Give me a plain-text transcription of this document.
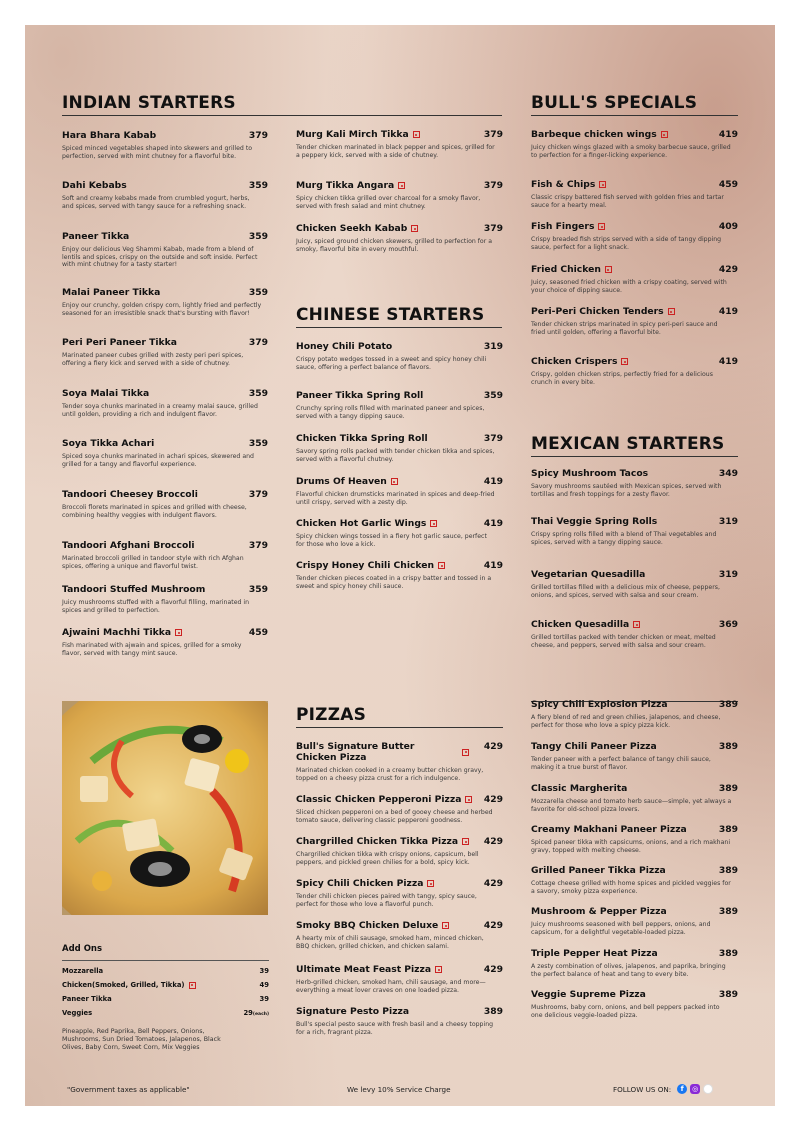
INDIAN STARTERS
Hara Bhara Kabab	379
Spiced minced vegetables shaped into skewers and grilled to perfection, served with mint chutney for a flavorful bite.
Dahi Kebabs	359
Soft and creamy kebabs made from crumbled yogurt, herbs, and spices, served with tangy sauce for a refreshing snack.
Paneer Tikka	359
Enjoy our delicious Veg Shammi Kabab, made from a blend of lentils and spices, crispy on the outside and soft inside. Perfect with mint chutney for a tasty starter!
Malai Paneer Tikka	359
Enjoy our crunchy, golden crispy corn, lightly fried and perfectly seasoned for an irresistible snack that's bursting with flavor!
Peri Peri Paneer Tikka	379
Marinated paneer cubes grilled with zesty peri peri spices, offering a fiery kick and served with a side of chutney.
Soya Malai Tikka	359
Tender soya chunks marinated in a creamy malai sauce, grilled until golden, providing a rich and indulgent flavor.
Soya Tikka Achari	359
Spiced soya chunks marinated in achari spices, skewered and grilled for a tangy and flavorful experience.
Tandoori Cheesey Broccoli	379
Broccoli florets marinated in spices and grilled with cheese, combining healthy veggies with indulgent flavors.
Tandoori Afghani Broccoli	379
Marinated broccoli grilled in tandoor style with rich Afghan spices, offering a unique and flavorful twist.
Tandoori Stuffed Mushroom	359
Juicy mushrooms stuffed with a flavorful filling, marinated in spices and grilled to perfection.
Ajwaini Machhi Tikka	459
Fish marinated with ajwain and spices, grilled for a smoky flavor, served with tangy mint sauce.
Murg Kali Mirch Tikka	379
Tender chicken marinated in black pepper and spices, grilled for a peppery kick, served with a side of chutney.
Murg Tikka Angara	379
Spicy chicken tikka grilled over charcoal for a smoky flavor, served with fresh salad and mint chutney.
Chicken Seekh Kabab	379
Juicy, spiced ground chicken skewers, grilled to perfection for a smoky, flavorful bite in every mouthful.
CHINESE STARTERS
Honey Chili Potato	319
Crispy potato wedges tossed in a sweet and spicy honey chili sauce, offering a perfect balance of flavors.
Paneer Tikka Spring Roll	359
Crunchy spring rolls filled with marinated paneer and spices, served with a tangy dipping sauce.
Chicken Tikka Spring Roll	379
Savory spring rolls packed with tender chicken tikka and spices, served with a flavorful chutney.
Drums Of Heaven	419
Flavorful chicken drumsticks marinated in spices and deep-fried until crispy, served with a zesty dip.
Chicken Hot Garlic Wings	419
Spicy chicken wings tossed in a fiery hot garlic sauce, perfect for those who love a kick.
Crispy Honey Chili Chicken	419
Tender chicken pieces coated in a crispy batter and tossed in a sweet and spicy honey chili sauce.
BULL'S SPECIALS
Barbeque chicken wings	419
Juicy chicken wings glazed with a smoky barbecue sauce, grilled to perfection for a finger-licking experience.
Fish & Chips	459
Classic crispy battered fish served with golden fries and tartar sauce for a hearty meal.
Fish Fingers	409
Crispy breaded fish strips served with a side of tangy dipping sauce, perfect for a light snack.
Fried Chicken	429
Juicy, seasoned fried chicken with a crispy coating, served with your choice of dipping sauce.
Peri-Peri Chicken Tenders	419
Tender chicken strips marinated in spicy peri-peri sauce and fried until golden, offering a flavorful bite.
Chicken Crispers	419
Crispy, golden chicken strips, perfectly fried for a delicious crunch in every bite.
MEXICAN STARTERS
Spicy Mushroom Tacos	349
Savory mushrooms sautéed with Mexican spices, served with tortillas and fresh toppings for a zesty flavor.
Thai Veggie Spring Rolls	319
Crispy spring rolls filled with a blend of Thai vegetables and spices, served with a tangy dipping sauce.
Vegetarian Quesadilla	319
Grilled tortillas filled with a delicious mix of cheese, peppers, onions, and spices, served with salsa and sour cream.
Chicken Quesadilla	369
Grilled tortillas packed with tender chicken or meat, melted cheese, and peppers, served with salsa and sour cream.
Add Ons
Mozzarella	39
Chicken(Smoked, Grilled, Tikka)	49
Paneer Tikka	39
Veggies	29(each)
Pineapple, Red Paprika, Bell Peppers, Onions, Mushrooms, Sun Dried Tomatoes, Jalapenos, Black Olives, Baby Corn, Sweet Corn, Mix Veggies
PIZZAS
Bull's Signature Butter Chicken Pizza
429
Marinated chicken cooked in a creamy butter chicken gravy, topped on a cheesy pizza crust for a rich indulgence.
Classic Chicken Pepperoni Pizza 429
Sliced chicken pepperoni on a bed of gooey cheese and herbed tomato sauce, delivering classic pepperoni goodness.
Chargrilled Chicken Tikka Pizza	429
Chargrilled chicken tikka with crispy onions, capsicum, bell peppers, and pickled green chilies for a bold, spicy kick.
Spicy Chili Chicken Pizza	429
Tender chili chicken pieces paired with tangy, spicy sauce, perfect for those who love a flavorful punch.
Smoky BBQ Chicken Deluxe	429
A hearty mix of chili sausage, smoked ham, minced chicken, BBQ chicken, grilled chicken, and chicken salami.
Ultimate Meat Feast Pizza	429
Herb-grilled chicken, smoked ham, chili sausage, and more—everything a meat lover craves on one loaded pizza.
Signature Pesto Pizza	389
Bull's special pesto sauce with fresh basil and a cheesy topping for a rich, fragrant pizza.
Spicy Chili Explosion Pizza	389
A fiery blend of red and green chilies, jalapenos, and cheese, perfect for those who love a spicy pizza kick.
Tangy Chili Paneer Pizza	389
Tender paneer with a perfect balance of tangy chili sauce, making it a true burst of flavor.
Classic Margherita	389
Mozzarella cheese and tomato herb sauce—simple, yet always a favorite for old-school pizza lovers.
Creamy Makhani Paneer Pizza	389
Spiced paneer tikka with capsicums, onions, and a rich makhani gravy, topped with melting cheese.
Grilled Paneer Tikka Pizza	389
Cottage cheese grilled with home spices and pickled veggies for a savory, smoky pizza experience.
Mushroom & Pepper Pizza	389
Juicy mushrooms seasoned with bell peppers, onions, and capsicum, for a delightful vegetable-loaded pizza.
Triple Pepper Heat Pizza	389
A zesty combination of olives, jalapenos, and paprika, bringing the perfect balance of heat and tang to every bite.
Veggie Supreme Pizza	389
Mushrooms, baby corn, onions, and bell peppers packed into one delicious veggie-loaded pizza.
"Government taxes as applicable"	We levy 10% Service Charge	FOLLOW US ON:	f	◎
